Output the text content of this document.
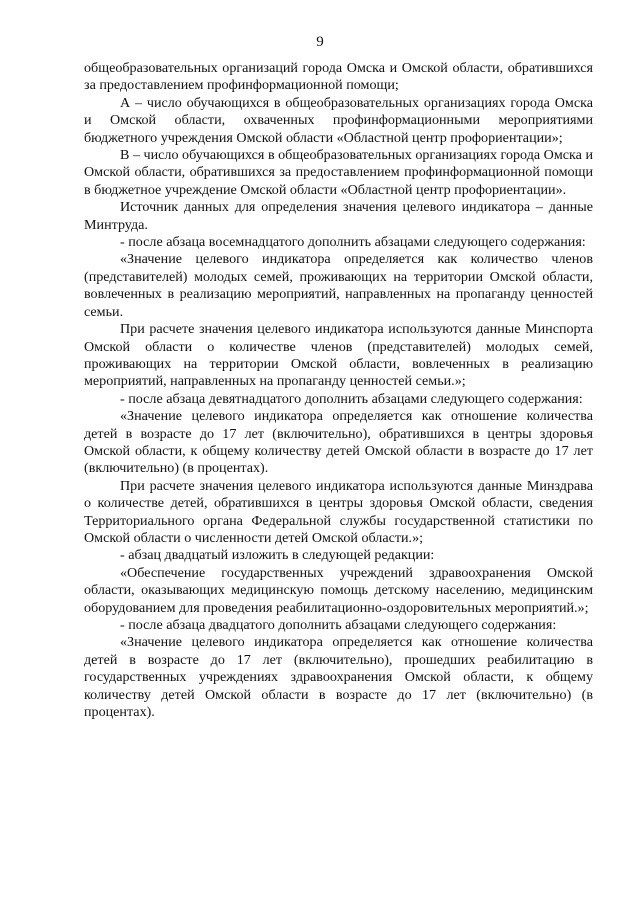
9

общеобразовательных организаций города Омска и Омской области, обратившихся за предоставлением профинформационной помощи;

А – число обучающихся в общеобразовательных организациях города Омска и Омской области, охваченных профинформационными мероприятиями бюджетного учреждения Омской области «Областной центр профориентации»;

В – число обучающихся в общеобразовательных организациях города Омска и Омской области, обратившихся за предоставлением профинформационной помощи в бюджетное учреждение Омской области «Областной центр профориентации».

Источник данных для определения значения целевого индикатора – данные Минтруда.

- после абзаца восемнадцатого дополнить абзацами следующего содержания:

«Значение целевого индикатора определяется как количество членов (представителей) молодых семей, проживающих на территории Омской области, вовлеченных в реализацию мероприятий, направленных на пропаганду ценностей семьи.

При расчете значения целевого индикатора используются данные Минспорта Омской области о количестве членов (представителей) молодых семей, проживающих на территории Омской области, вовлеченных в реализацию мероприятий, направленных на пропаганду ценностей семьи.»;

- после абзаца девятнадцатого дополнить абзацами следующего содержания:

«Значение целевого индикатора определяется как отношение количества детей в возрасте до 17 лет (включительно), обратившихся в центры здоровья Омской области, к общему количеству детей Омской области в возрасте до 17 лет (включительно) (в процентах).

При расчете значения целевого индикатора используются данные Минздрава о количестве детей, обратившихся в центры здоровья Омской области, сведения Территориального органа Федеральной службы государственной статистики по Омской области о численности детей Омской области.»;

- абзац двадцатый изложить в следующей редакции:

«Обеспечение государственных учреждений здравоохранения Омской области, оказывающих медицинскую помощь детскому населению, медицинским оборудованием для проведения реабилитационно-оздоровительных мероприятий.»;

- после абзаца двадцатого дополнить абзацами следующего содержания:

«Значение целевого индикатора определяется как отношение количества детей в возрасте до 17 лет (включительно), прошедших реабилитацию в государственных учреждениях здравоохранения Омской области, к общему количеству детей Омской области в возрасте до 17 лет (включительно) (в процентах).
